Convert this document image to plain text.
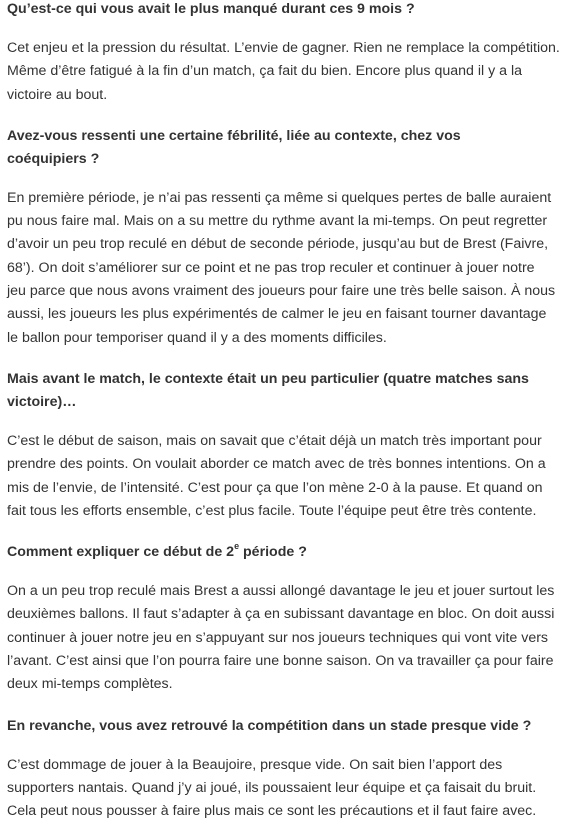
Qu’est-ce qui vous avait le plus manqué durant ces 9 mois ?

Cet enjeu et la pression du résultat. L’envie de gagner. Rien ne remplace la compétition.
Même d’être fatigué à la fin d’un match, ça fait du bien. Encore plus quand il y a la
victoire au bout.

Avez-vous ressenti une certaine fébrilité, liée au contexte, chez vos
coéquipiers ?

En première période, je n’ai pas ressenti ça même si quelques pertes de balle auraient
pu nous faire mal. Mais on a su mettre du rythme avant la mi-temps. On peut regretter
d’avoir un peu trop reculé en début de seconde période, jusqu’au but de Brest (Faivre,
68’). On doit s’améliorer sur ce point et ne pas trop reculer et continuer à jouer notre
jeu parce que nous avons vraiment des joueurs pour faire une très belle saison. À nous
aussi, les joueurs les plus expérimentés de calmer le jeu en faisant tourner davantage
le ballon pour temporiser quand il y a des moments difficiles.

Mais avant le match, le contexte était un peu particulier (quatre matches sans
victoire)…

C’est le début de saison, mais on savait que c’était déjà un match très important pour
prendre des points. On voulait aborder ce match avec de très bonnes intentions. On a
mis de l’envie, de l’intensité. C’est pour ça que l’on mène 2-0 à la pause. Et quand on
fait tous les efforts ensemble, c’est plus facile. Toute l’équipe peut être très contente.

Comment expliquer ce début de 2e période ?

On a un peu trop reculé mais Brest a aussi allongé davantage le jeu et jouer surtout les
deuxièmes ballons. Il faut s’adapter à ça en subissant davantage en bloc. On doit aussi
continuer à jouer notre jeu en s’appuyant sur nos joueurs techniques qui vont vite vers
l’avant. C’est ainsi que l’on pourra faire une bonne saison. On va travailler ça pour faire
deux mi-temps complètes.

En revanche, vous avez retrouvé la compétition dans un stade presque vide ?

C’est dommage de jouer à la Beaujoire, presque vide. On sait bien l’apport des
supporters nantais. Quand j’y ai joué, ils poussaient leur équipe et ça faisait du bruit.
Cela peut nous pousser à faire plus mais ce sont les précautions et il faut faire avec.
